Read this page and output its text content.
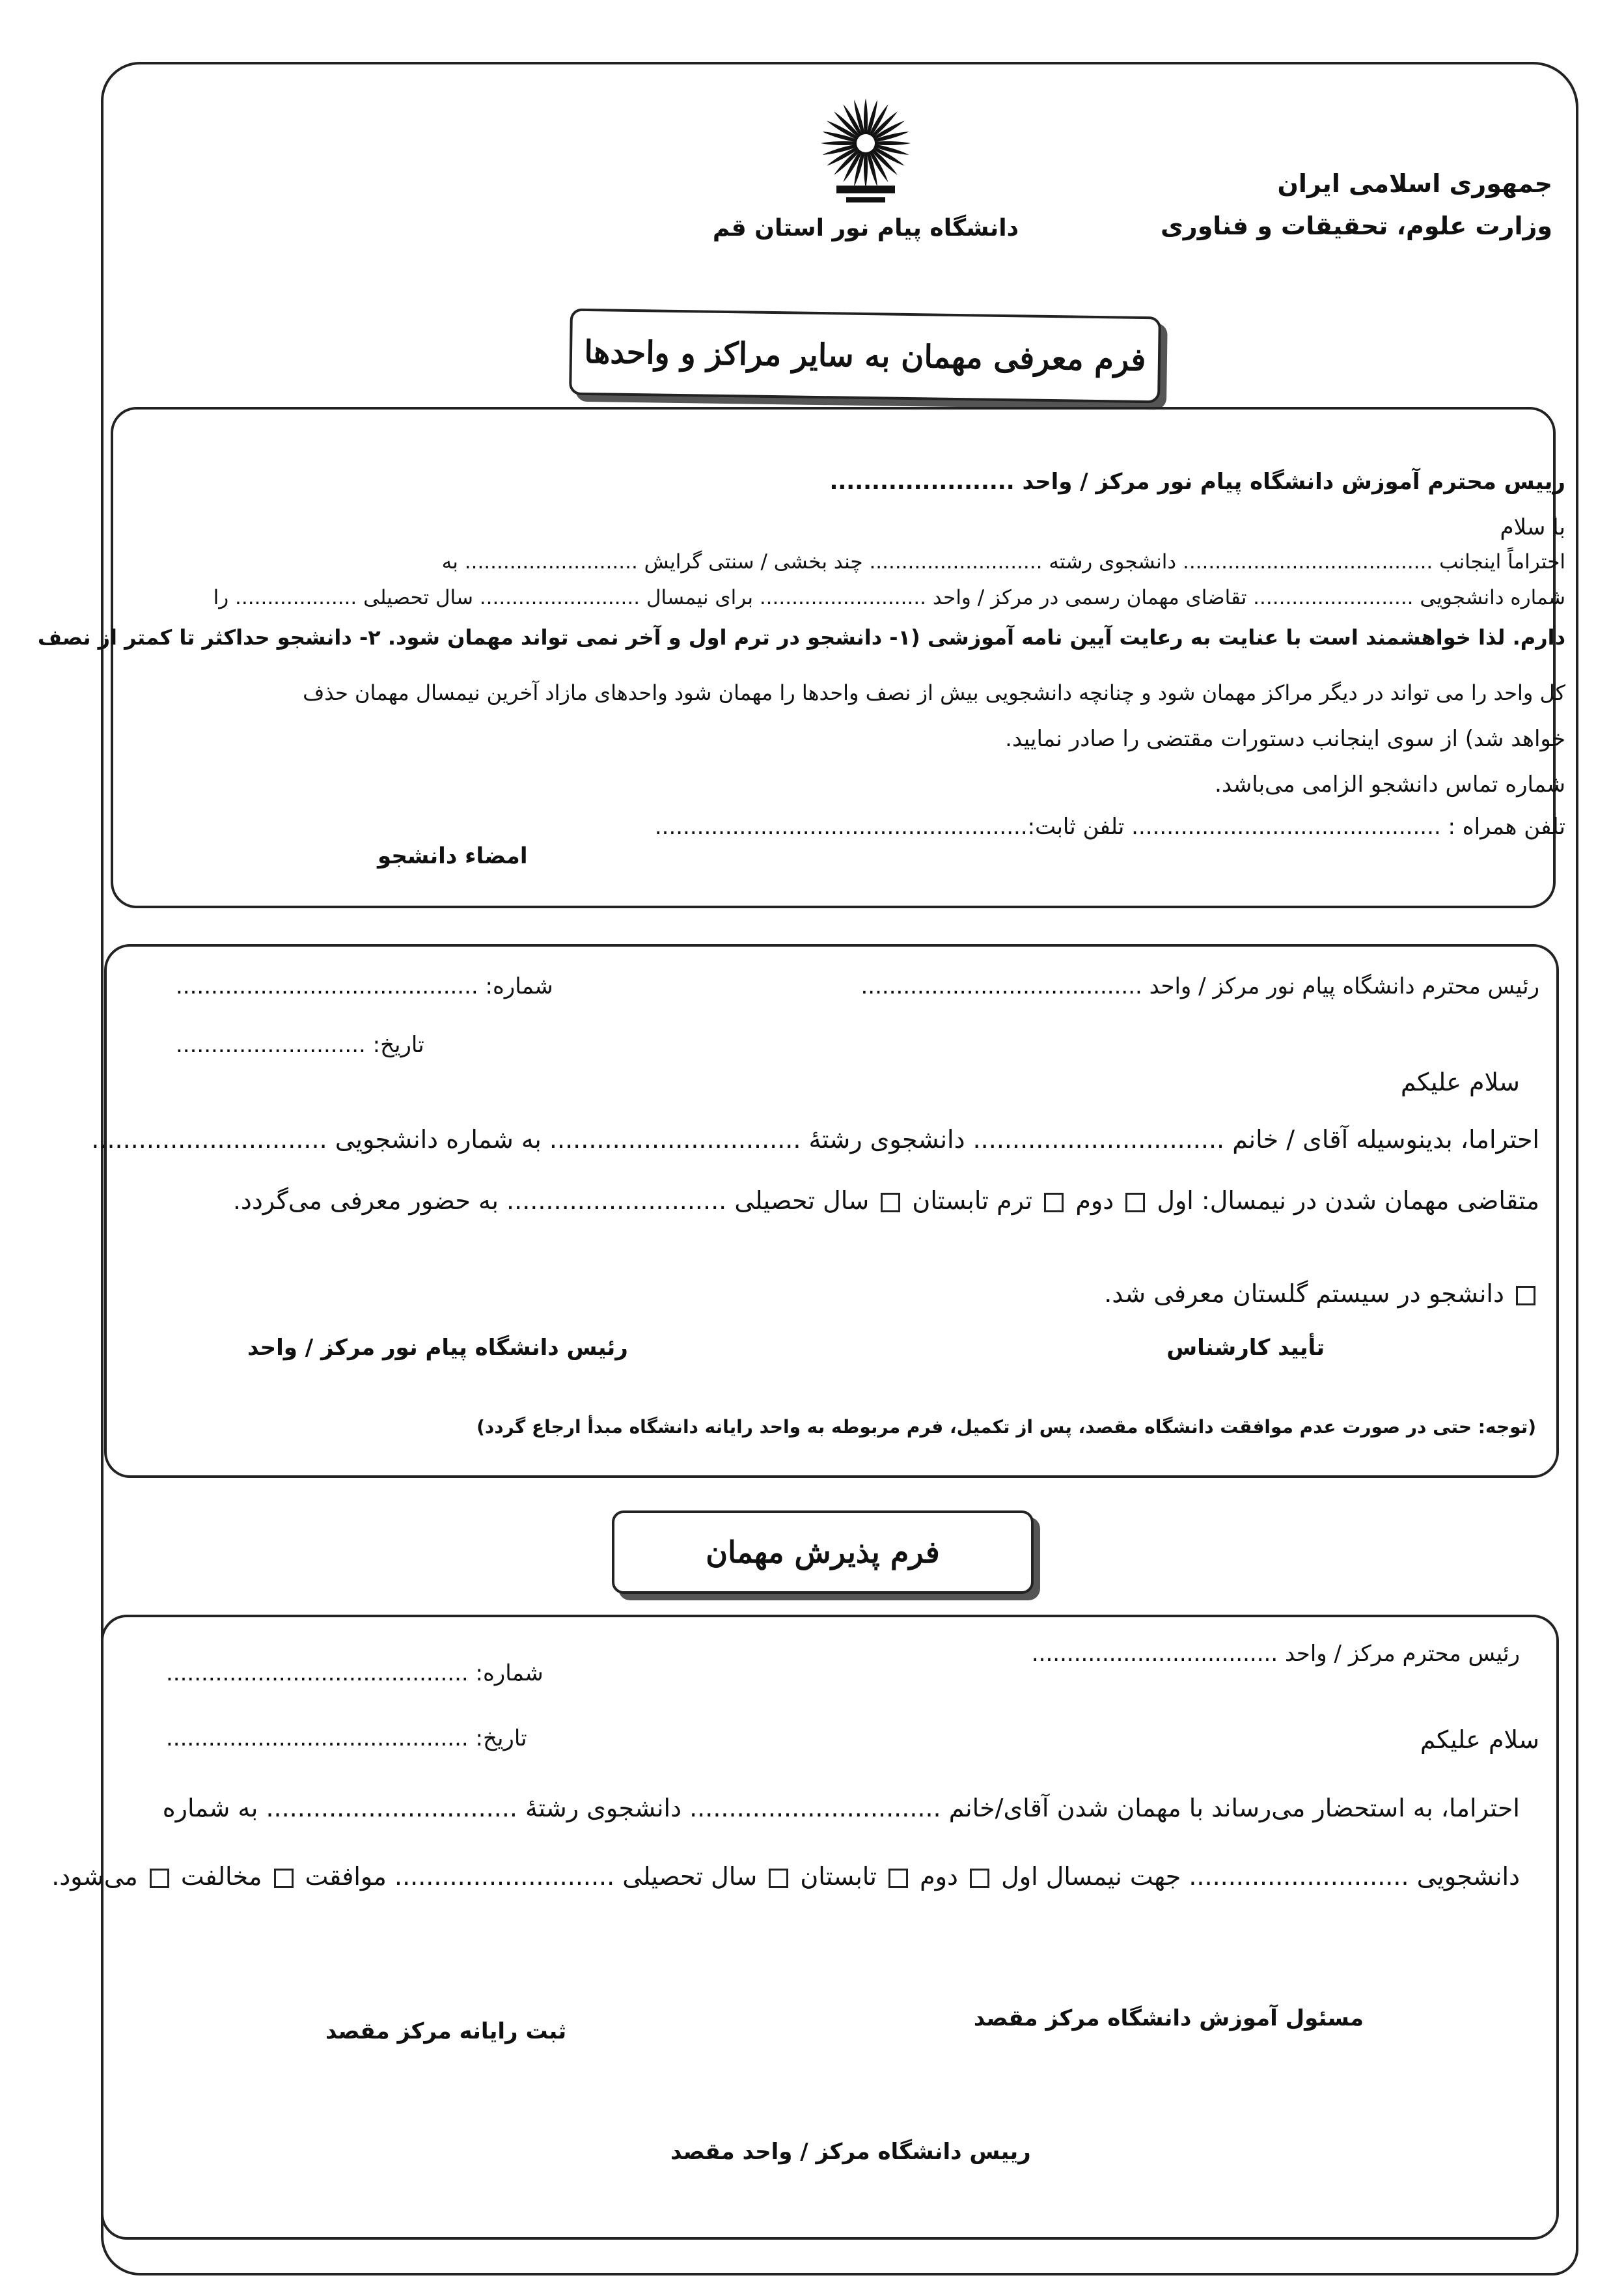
جمهوری اسلامی ایران
وزارت علوم، تحقیقات و فناوری
دانشگاه پیام نور استان قم
فرم معرفی مهمان به سایر مراکز و واحدها
رییس محترم آموزش دانشگاه پیام نور مرکز / واحد ......................
با سلام
احتراماً اینجانب ....................................... دانشجوی رشته ........................... چند بخشی / سنتی گرایش ........................... به
شماره دانشجویی ......................... تقاضای مهمان رسمی در مرکز / واحد .......................... برای نیمسال ......................... سال تحصیلی ................... را
دارم. لذا خواهشمند است با عنایت به رعایت آیین نامه آموزشی (۱- دانشجو در ترم اول و آخر نمی تواند مهمان شود. ۲- دانشجو حداکثر تا کمتر از نصف
کل واحد را می تواند در دیگر مراکز مهمان شود و چنانچه دانشجویی بیش از نصف واحدها را مهمان شود واحدهای مازاد آخرین نیمسال مهمان حذف
خواهد شد) از سوی اینجانب دستورات مقتضی را صادر نمایید.
شماره تماس دانشجو الزامی می‌باشد.
تلفن همراه : ............................................ تلفن ثابت:.....................................................
امضاء دانشجو
رئیس محترم دانشگاه پیام نور مرکز / واحد ........................................
شماره: ...........................................
تاریخ: ...........................
سلام علیکم
احتراما، بدینوسیله آقای / خانم ................................ دانشجوی رشتهٔ ................................ به شماره دانشجویی ..............................
متقاضی مهمان شدن در نیمسال: اول  دوم  ترم تابستان  سال تحصیلی ............................ به حضور معرفی می‌گردد.
دانشجو در سیستم گلستان معرفی شد.
تأیید کارشناس
رئیس دانشگاه پیام نور مرکز / واحد
(توجه: حتی در صورت عدم موافقت دانشگاه مقصد، پس از تکمیل، فرم مربوطه به واحد رایانه دانشگاه مبدأ ارجاع گردد)
فرم پذیرش مهمان
رئیس محترم مرکز / واحد ...................................
شماره: ...........................................
تاریخ: ...........................................	سلام علیکم
احتراما، به استحضار می‌رساند با مهمان شدن آقای/خانم ................................ دانشجوی رشتهٔ ................................ به شماره
دانشجویی ............................ جهت نیمسال اول  دوم  تابستان  سال تحصیلی ............................ موافقت  مخالفت  می‌شود.
مسئول آموزش دانشگاه مرکز مقصد
ثبت رایانه مرکز مقصد
رییس دانشگاه مرکز / واحد مقصد
